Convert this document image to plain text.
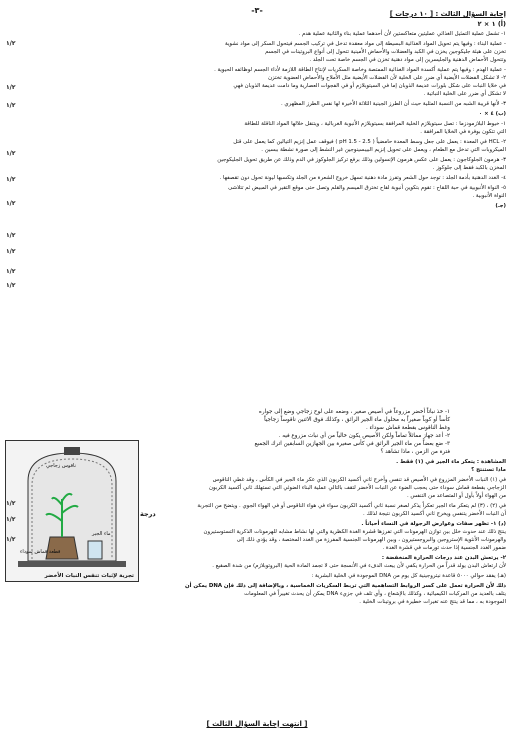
-٣-
١- تشمل عملية التمثيل الغذائي عمليتين متعاكستين لأن أحدهما عملية بناء والثانية عملية هدم .
- عملية البناء : وفيها يتم تحويل المواد الغذائية البسيطة إلى مواد معقدة تدخل في تركيب الجسم فيتحول السكر إلى مواد نشوية
تخزن على هيئة جليكوجين يخزن في الكبد والعضلات والأحماض الأمينية تتحول إلى أنواع البروتينات في الجسم
وتتحول الأحماض الدهنية والجليسرين إلى مواد دهنية تخزن في الجسم خاصة تحت الجلد .
- عملية الهدم : وفيها يتم عملية أكسدة المواد الغذائية الممتصة وخاصة السكريات لإنتاج الطاقة اللازمة لأداء الجسم لوظائفه الحيوية .
٢- لا تشكل الفضلات الأيضية أي ضرر على الخلية لأن الفضلات الأيضية مثل الأملاح والأحماض العضوية تختزن
في خلايا النبات على شكل بلورات عديمة الذوبان إما في السيتوبلازم أو في الفجوات العصارية وما دامت عديمة الذوبان فهي
لا تشكل أي ضرر على الخلية النباتية .
٣- لأنها قريبة الشبه من النسبة المثلية حيث أن الطرز الجينية الثلاثة الأخيرة لها نفس الطرز المظهري .
(ب) ٤ × ٠
١- خيوط البلازمودزما : تصل سيتوبلازم الخلية المرافقة بسيتوبلازم الأنبوبة الغربالية ، ويتنقل خلالها المواد الناقلة للطاقة
التي تتكون بوفرة في الخلايا المرافقة .
٢- HCL في المعدة : يعمل على جعل وسط المعدة حامضياً ( pH 1.5 - 2.5 ) فيوقف عمل إنزيم التيالين كما يعمل على قتل
الميكروبات التي تدخل مع الطعام ، ويعمل على تحويل إنزيم البيبسينوجين غير النشط إلى صورة نشطة ببسين .
٣- هرمون الجلوكاجون : يعمل على عكس هرمون الإنسولين وذلك برفع تركيز الجلوكوز في الدم وذلك عن طريق تحويل الجليكوجين
المخزن بالكبد فقط إلى جلوكوز .
٤- الغدد الدهنية بأدمة الجلد : توجد حول الشعر وتفرز مادة دهنية تسهل خروج الشعرة من الجلد وتكسبها ليونة تحول دون تقصفها .
٥- النواة الأنبوبية في حبة اللقاح : تقوم بتكوين أنبوبة لقاح تخترق الميسم والقلم وتصل حتى موقع التقير في المبيض ثم تتلاشى
النواة الأنبوبية .
(جـ)
١- خذ نباتاً أخضر مزروعاً في أصيص صغير ، وضعه على لوح زجاجي وضع إلى جواره
كأساً أو كوباً صغيراً به محلول ماء الجير الرائق ، وكذلك فوق الاثنين ناقوساً زجاجياً
وغط الناقوس بقطعة قماش سوداء .
٢- أعد جهاز مماثلاً تماماً ولكن الأصيص يكون خالياً من أي نبات مزروع فيه .
٣- ضع بعضاً من ماء الجير الرائق في كأس صغيرة بين الجهازين السابقين اترك الجميع
فترة من الزمن ، ماذا تشاهد ؟
المشاهدة : يتعكر ماء الجير في (١) فقط .
ماذا تستنتج ؟
في (١) النبات الأخضر المزروع في الأصيص قد تنفس وأخرج ثاني أكسيد الكربون الذي عكر ماء الجير في الكأس ، وقد غطي الناقوس
الزجاجي بقطعة قماش سوداء حتى يحجب الضوء عن النبات الأخضر لتقف بالتالي عملية البناء الضوئي التي تستهلك ثاني أكسيد الكربون
من الهواء أولاً بأول أو المتصاعد من التنفس .
في (٢) ، (٣) لم يتعكر ماء الجير تعكراً يذكر لصغر نسبة ثاني أكسيد الكربون سواء في هواء الناقوس أو في الهواء الجوي . ويتضح من التجربة
أن النبات الأخضر يتنفس ويخرج ثاني أكسيد الكربون نتيجة لذلك .
(د) ١- تظهر صفات وعوارض الرجولة في النساء أحياناً .
ينتج ذلك عند حدوث خلل بين توازن الهرمونات التي تفرزها قشرة الغدة الكظرية والتي لها نشاط مشابه للهرمونات الذكرية التستوستيرون
والهرمونات الأنثوية الإستروجين والبروجستيرون ، وبين الهرمونات الجنسية المفرزة من الغدد المختصة ، وقد يؤدي ذلك إلى
ضمور الغدد الجنسية إذا حدث تورمات في قشرة الغدة .
٢- يرتعش البدن عند درجات الحرارة المنخفضة :
لأن ارتعاش البدن يولد قدراً من الحرارة يكفي لأن يبعث الدفء في الأنسجة حتى لا تجمد المادة الحية (البروتوبلازم) من شدة الصقيع .
(هـ) يفقد حوالي ٥٠٠٠ قاعدة نيتروجينية كل يوم من DNA الموجودة في الخلية البشرية :
ذلك لأن الحرارة تعمل على كسر الروابط التساهمية التي تربط السكريات الخماسية ، وبالإضافة إلى ذلك فإن DNA يمكن أن
يتلف بالعديد من المركبات الكيميائية ، وكذلك بالإشعاع ، وأي تلف في جزيء DNA يمكن أن يحدث تغييراً في المعلومات
الموجودة به ، مما قد ينتج عنه تغيرات خطيرة في بروتينات الخلية .
ناقوس زجاجي
ماء الجير
قطعة قماش سوداء
تجربة لإثبات تنفس النبات الأخضر
١/٢
١/٢
١/٢
١/٢
١/٢
١/٢
١/٢
١/٢
١/٢
١/٢
١/٢
١/٢
١/٢
درجة
إجابة السؤال الثالث : [ ١٠ درجات ]
(أ) ١ × ٢
[ انتهت إجابة السؤال الثالث ]
